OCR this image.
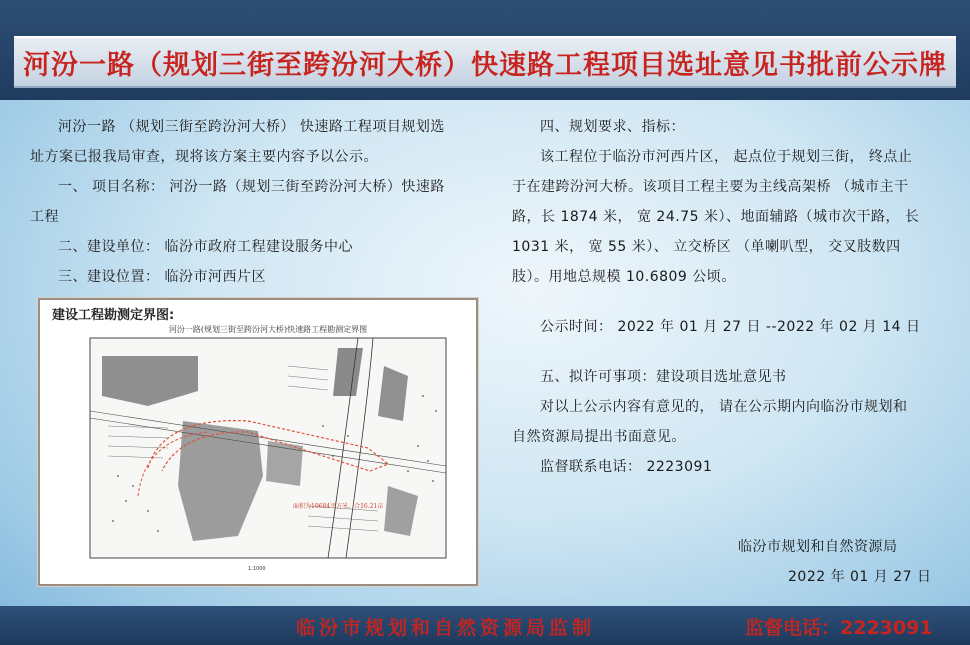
河汾一路（规划三街至跨汾河大桥）快速路工程项目选址意见书批前公示牌

河汾一路 （规划三街至跨汾河大桥） 快速路工程项目规划选

址方案已报我局审查，现将该方案主要内容予以公示。

一、 项目名称： 河汾一路（规划三街至跨汾河大桥）快速路

工程

二、建设单位： 临汾市政府工程建设服务中心

三、建设位置： 临汾市河西片区

建设工程勘测定界图:
河汾一路(规划三街至跨汾河大桥)快速路工程勘测定界图
面积为10684平方米，合16.21亩
1:1000

四、规划要求、指标：

该工程位于临汾市河西片区， 起点位于规划三街， 终点止

于在建跨汾河大桥。该项目工程主要为主线高架桥 （城市主干

路，长 1874 米， 宽 24.75 米）、地面辅路（城市次干路， 长

1031 米， 宽 55 米）、 立交桥区 （单喇叭型， 交叉肢数四

肢）。用地总规模 10.6809 公顷。

公示时间： 2022 年 01 月 27 日 --2022 年 02 月 14 日

五、拟许可事项：建设项目选址意见书

对以上公示内容有意见的， 请在公示期内向临汾市规划和

自然资源局提出书面意见。

监督联系电话： 2223091

临汾市规划和自然资源局
2022 年 01 月 27 日
临汾市规划和自然资源局监制	监督电话：2223091
